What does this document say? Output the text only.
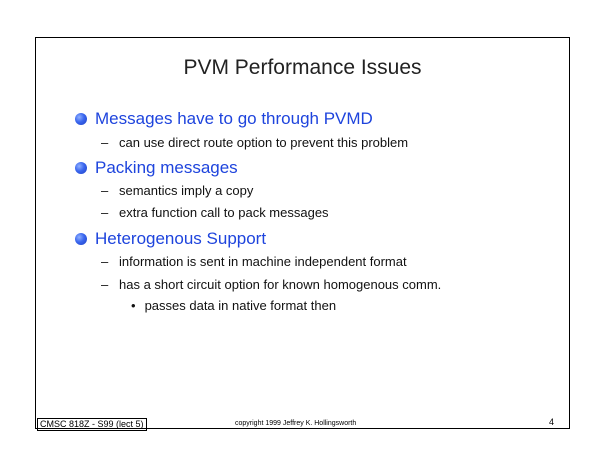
PVM Performance Issues
Messages have to go through PVMD
– can use direct route option to prevent this problem
Packing messages
– semantics imply a copy
– extra function call to pack messages
Heterogenous Support
– information is sent in machine independent format
– has a short circuit option for known homogenous comm.
• passes data in native format then
CMSC 818Z - S99 (lect 5)	copyright 1999 Jeffrey K. Hollingsworth	4
